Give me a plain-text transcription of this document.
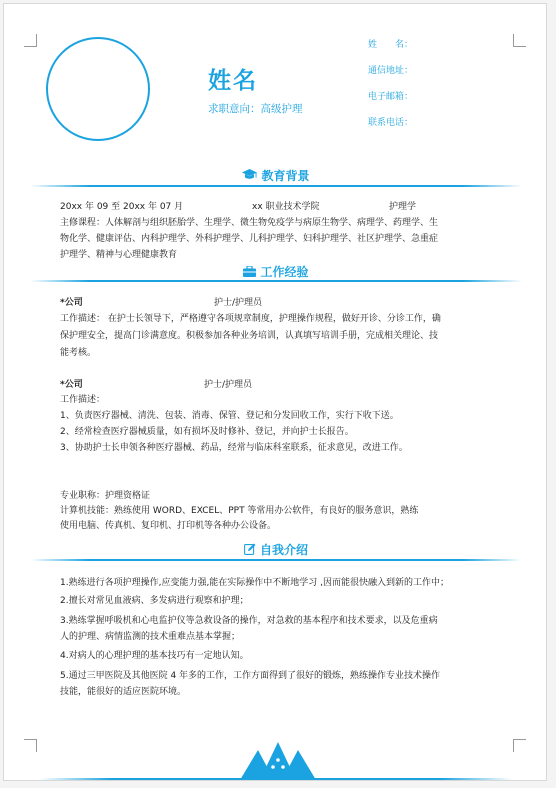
姓名
求职意向：高级护理
姓　　名：
通信地址：
电子邮箱：
联系电话：
教育背景
20xx 年 09 至 20xx 年 07 月	xx 职业技术学院	护理学
主修课程：人体解剖与组织胚胎学、生理学、微生物免疫学与病原生物学、病理学、药理学、生
物化学、健康评估、内科护理学、外科护理学、儿科护理学、妇科护理学、社区护理学、急重症
护理学、精神与心理健康教育
工作经验
*公司	护士/护理员
工作描述： 在护士长领导下，严格遵守各项规章制度，护理操作规程，做好开诊、分诊工作，确
保护理安全，提高门诊满意度。积极参加各种业务培训，认真填写培训手册，完成相关理论、技
能考核。
*公司	护士/护理员
工作描述：
1、负责医疗器械、清洗、包装、消毒、保管、登记和分发回收工作，实行下收下送。
2、经常检查医疗器械质量，如有损坏及时修补、登记，并向护士长报告。
3、协助护士长申领各种医疗器械、药品，经常与临床科室联系，征求意见，改进工作。
专业职称：护理资格证
计算机技能：熟练使用 WORD、EXCEL、PPT 等常用办公软件，有良好的服务意识，熟练
使用电脑、传真机、复印机、打印机等各种办公设备。
自我介绍
1.熟练进行各项护理操作,应变能力强,能在实际操作中不断地学习 ,因而能很快融入到新的工作中；
2.擅长对常见血液病、多发病进行观察和护理；
3.熟练掌握呼吸机和心电监护仪等急救设备的操作，对急救的基本程序和技术要求，以及危重病
人的护理、病情监测的技术重难点基本掌握；
4.对病人的心理护理的基本技巧有一定地认知。
5.通过三甲医院及其他医院 4 年多的工作，工作方面得到了很好的锻炼，熟练操作专业技术操作
技能，能很好的适应医院环境。
